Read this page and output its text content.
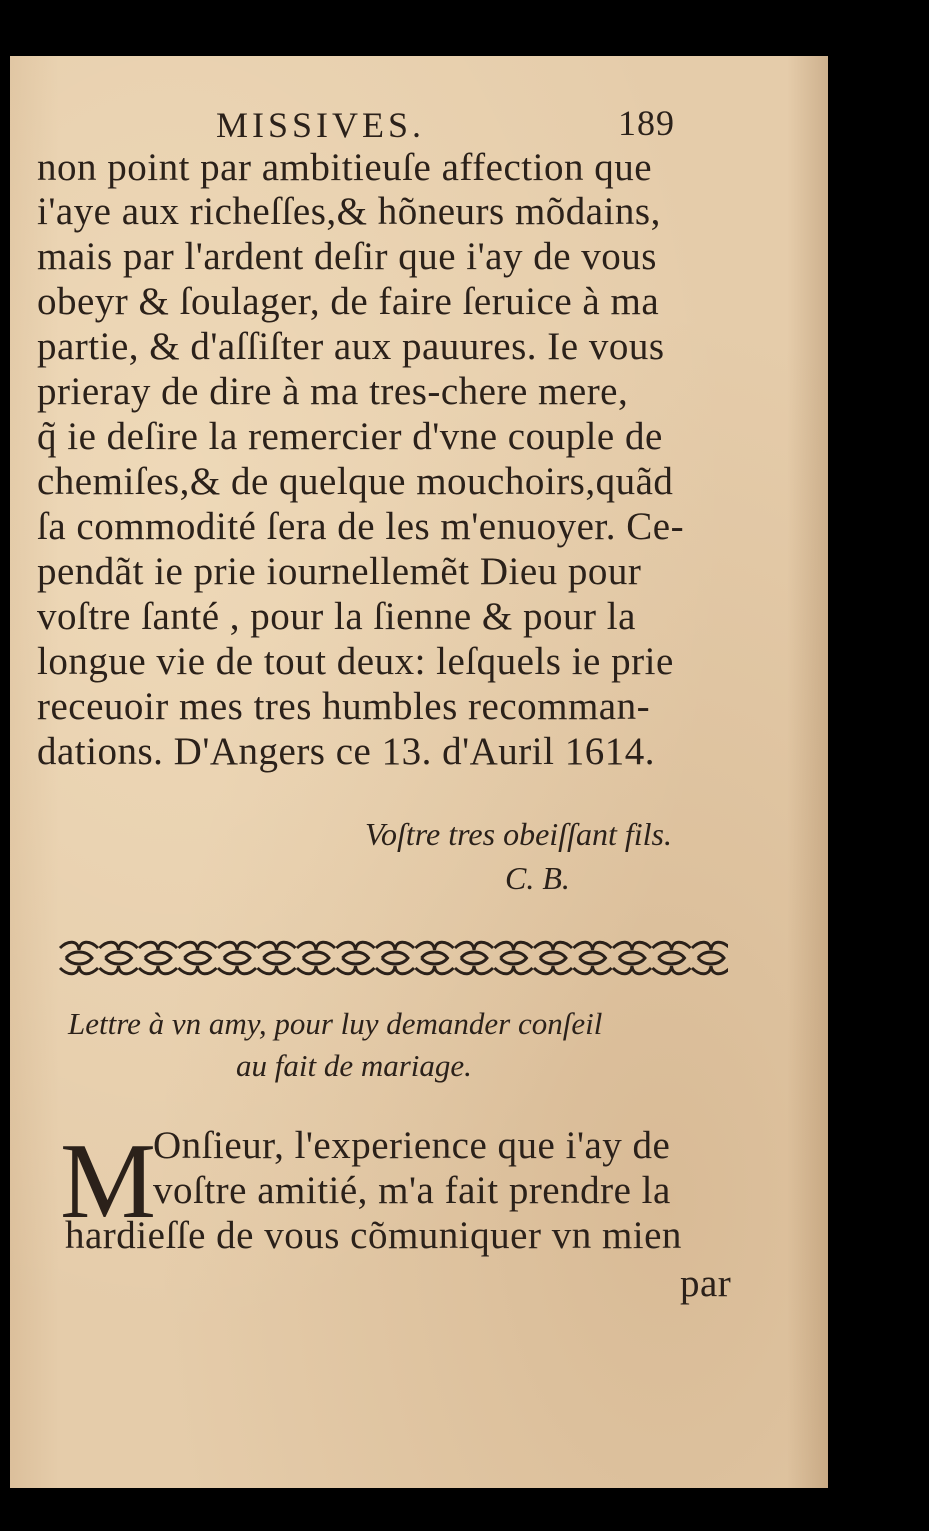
MISSIVES.	189
non point par ambitieuſe affection que
i'aye aux richeſſes,& hõneurs mõdains,
mais par l'ardent deſir que i'ay de vous
obeyr & ſoulager, de faire ſeruice à ma
partie, & d'aſſiſter aux pauures. Ie vous
prieray de dire à ma tres-chere mere,
q̃ ie deſire la remercier d'vne couple de
chemiſes,& de quelque mouchoirs,quãd
ſa commodité ſera de les m'enuoyer. Ce-
pendãt ie prie iournellemẽt Dieu pour
voſtre ſanté , pour la ſienne & pour la
longue vie de tout deux: leſquels ie prie
receuoir mes tres humbles recomman-
dations. D'Angers ce 13. d'Auril 1614.
Voſtre tres obeiſſant fils.
C. B.
Lettre à vn amy, pour luy demander conſeil
au fait de mariage.
M
Onſieur, l'experience que i'ay de
voſtre amitié, m'a fait prendre la
hardieſſe de vous cõmuniquer vn mien
par
